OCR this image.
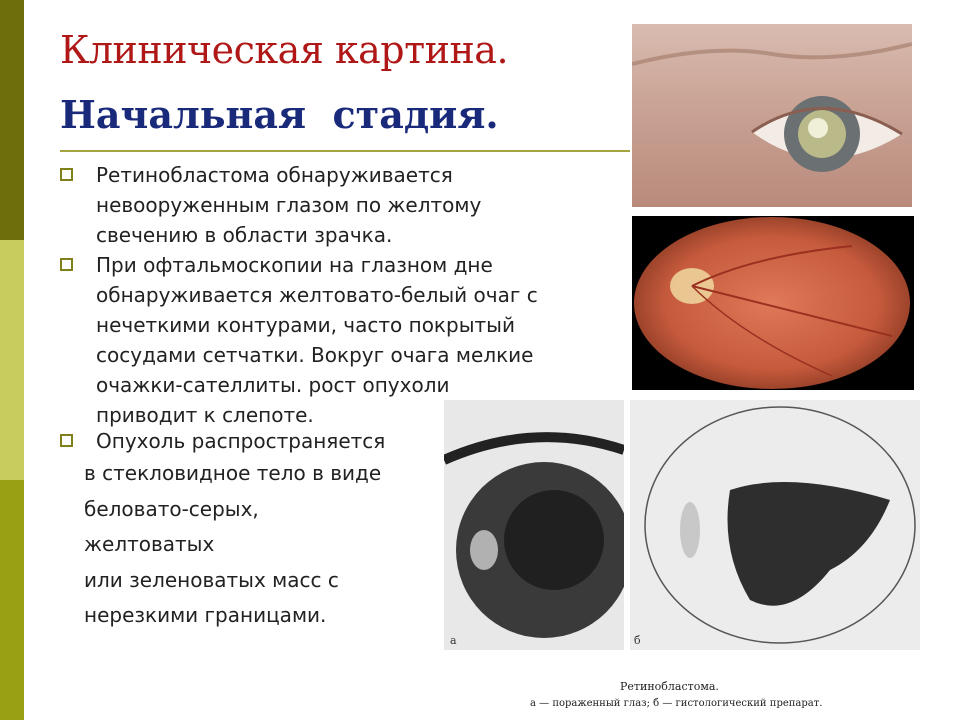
Клиническая картина.
Начальная  стадия.
Ретинобластома обнаруживается
невооруженным глазом по желтому
свечению в области зрачка.
При офтальмоскопии на глазном дне
обнаруживается желтовато-белый очаг с
нечеткими контурами, часто покрытый
сосудами сетчатки. Вокруг очага мелкие
очажки-сателлиты. рост опухоли
приводит к слепоте.
Опухоль распространяется
в стекловидное тело в виде
беловато-серых,
желтоватых
или зеленоватых масс с
нерезкими границами.
а	б
Ретинобластома.
а — пораженный глаз; б — гистологический препарат.
